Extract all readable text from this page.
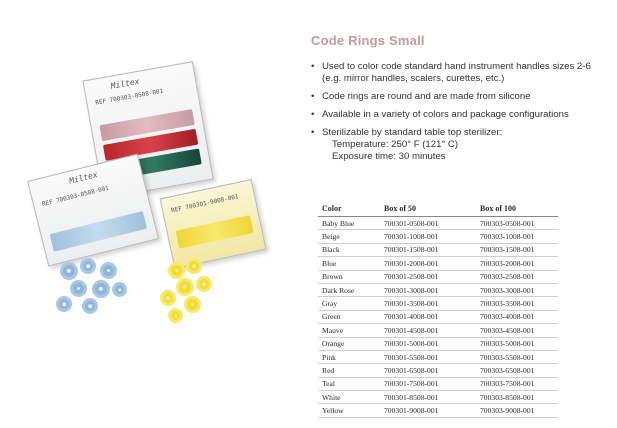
Miltex
REF 700303-0508-001
Miltex
REF 700303-0508-001	REF 700301-9008-001
Code Rings Small
• Used to color code standard hand instrument handles sizes 2-6 (e.g. mirror handles, scalers, curettes, etc.)
• Code rings are round and are made from silicone
• Available in a variety of colors and package configurations
• Sterilizable by standard table top sterilizer:
Temperature: 250° F (121° C)
Exposure time: 30 minutes
Color	Box of 50	Box of 100
Baby Blue	700301-0508-001	700303-0508-001
Beige	700301-1008-001	700303-1008-001
Black	700301-1508-001	700303-1508-001
Blue	700301-2008-001	700303-2008-001
Brown	700301-2508-001	700303-2508-001
Dark Rose	700301-3008-001	700303-3008-001
Gray	700301-3508-001	700303-3508-001
Green	700301-4008-001	700303-4008-001
Mauve	700301-4508-001	700303-4508-001
Orange	700301-5008-001	700303-5008-001
Pink	700301-5508-001	700303-5508-001
Red	700301-6508-001	700303-6508-001
Teal	700301-7508-001	700303-7508-001
White	700301-8508-001	700303-8508-001
Yellow	700301-9008-001	700303-9008-001
